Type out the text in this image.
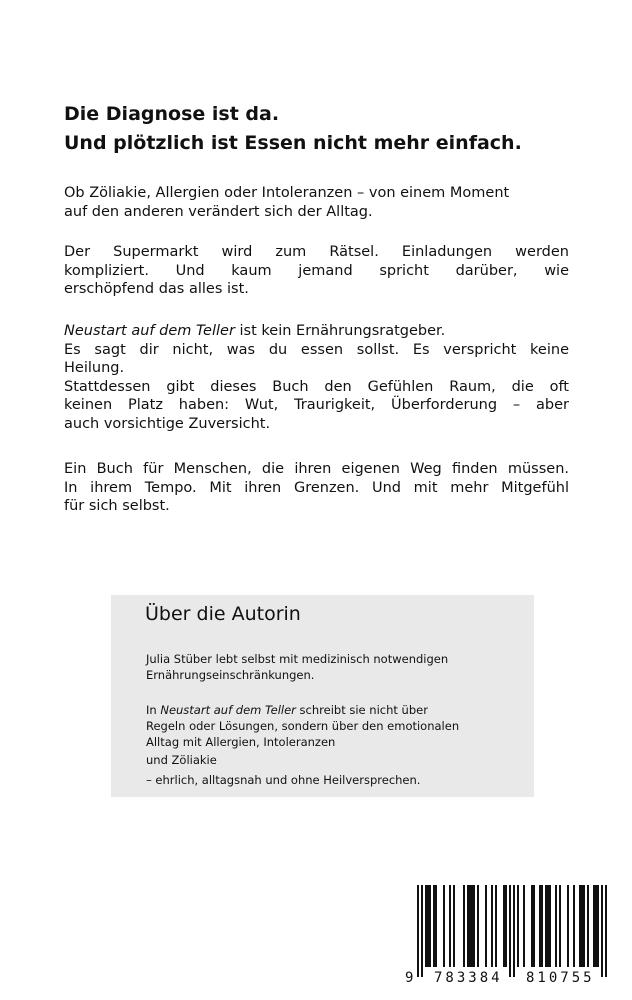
Die Diagnose ist da.
Und plötzlich ist Essen nicht mehr einfach.

Ob Zöliakie, Allergien oder Intoleranzen – von einem Moment
auf den anderen verändert sich der Alltag.

Der Supermarkt wird zum Rätsel. Einladungen werden
kompliziert. Und kaum jemand spricht darüber, wie
erschöpfend das alles ist.

Neustart auf dem Teller ist kein Ernährungsratgeber.
Es sagt dir nicht, was du essen sollst. Es verspricht keine
Heilung.
Stattdessen gibt dieses Buch den Gefühlen Raum, die oft
keinen Platz haben: Wut, Traurigkeit, Überforderung – aber
auch vorsichtige Zuversicht.

Ein Buch für Menschen, die ihren eigenen Weg finden müssen.
In ihrem Tempo. Mit ihren Grenzen. Und mit mehr Mitgefühl
für sich selbst.

Über die Autorin

Julia Stüber lebt selbst mit medizinisch notwendigen
Ernährungseinschränkungen.

In Neustart auf dem Teller schreibt sie nicht über
Regeln oder Lösungen, sondern über den emotionalen
Alltag mit Allergien, Intoleranzen

und Zöliakie

– ehrlich, alltagsnah und ohne Heilversprechen.

9 783384 810755
